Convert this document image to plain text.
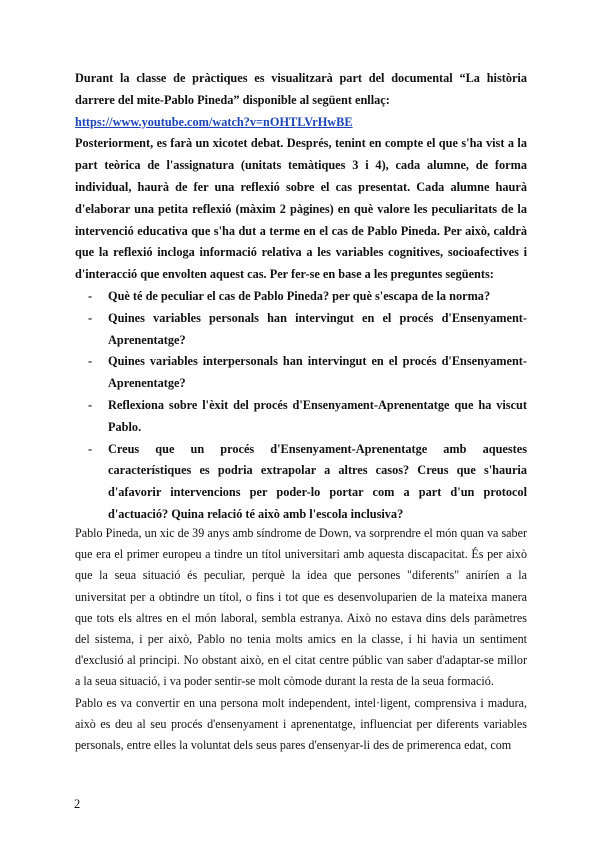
Durant la classe de pràctiques es visualitzarà part del documental “La història darrere del mite-Pablo Pineda” disponible al següent enllaç:
https://www.youtube.com/watch?v=nOHTLVrHwBE

Posteriorment, es farà un xicotet debat. Després, tenint en compte el que s'ha vist a la part teòrica de l'assignatura (unitats temàtiques 3 i 4), cada alumne, de forma individual, haurà de fer una reflexió sobre el cas presentat. Cada alumne haurà d'elaborar una petita reflexió (màxim 2 pàgines) en què valore les peculiaritats de la intervenció educativa que s'ha dut a terme en el cas de Pablo Pineda. Per això, caldrà que la reflexió incloga informació relativa a les variables cognitives, socioafectives i d'interacció que envolten aquest cas. Per fer-se en base a les preguntes següents:

- Què té de peculiar el cas de Pablo Pineda? per què s'escapa de la norma?
- Quines variables personals han intervingut en el procés d'Ensenyament-Aprenentatge?
- Quines variables interpersonals han intervingut en el procés d'Ensenyament-Aprenentatge?
- Reflexiona sobre l'èxit del procés d'Ensenyament-Aprenentatge que ha viscut Pablo.
- Creus que un procés d'Ensenyament-Aprenentatge amb aquestes característiques es podria extrapolar a altres casos? Creus que s'hauria d'afavorir intervencions per poder-lo portar com a part d'un protocol d'actuació? Quina relació té això amb l'escola inclusiva?

Pablo Pineda, un xic de 39 anys amb síndrome de Down, va sorprendre el món quan va saber que era el primer europeu a tindre un títol universitari amb aquesta discapacitat. És per això que la seua situació és peculiar, perquè la idea que persones "diferents" aniríen a la universitat per a obtindre un títol, o fins i tot que es desenvoluparien de la mateixa manera que tots els altres en el món laboral, sembla estranya. Això no estava dins dels paràmetres del sistema, i per això, Pablo no tenia molts amics en la classe, i hi havia un sentiment d'exclusió al principi. No obstant això, en el citat centre públic van saber d'adaptar-se millor a la seua situació, i va poder sentir-se molt còmode durant la resta de la seua formació.

Pablo es va convertir en una persona molt independent, intel·ligent, comprensiva i madura, això es deu al seu procés d'ensenyament i aprenentatge, influenciat per diferents variables personals, entre elles la voluntat dels seus pares d'ensenyar-li des de primerenca edat, com

2
